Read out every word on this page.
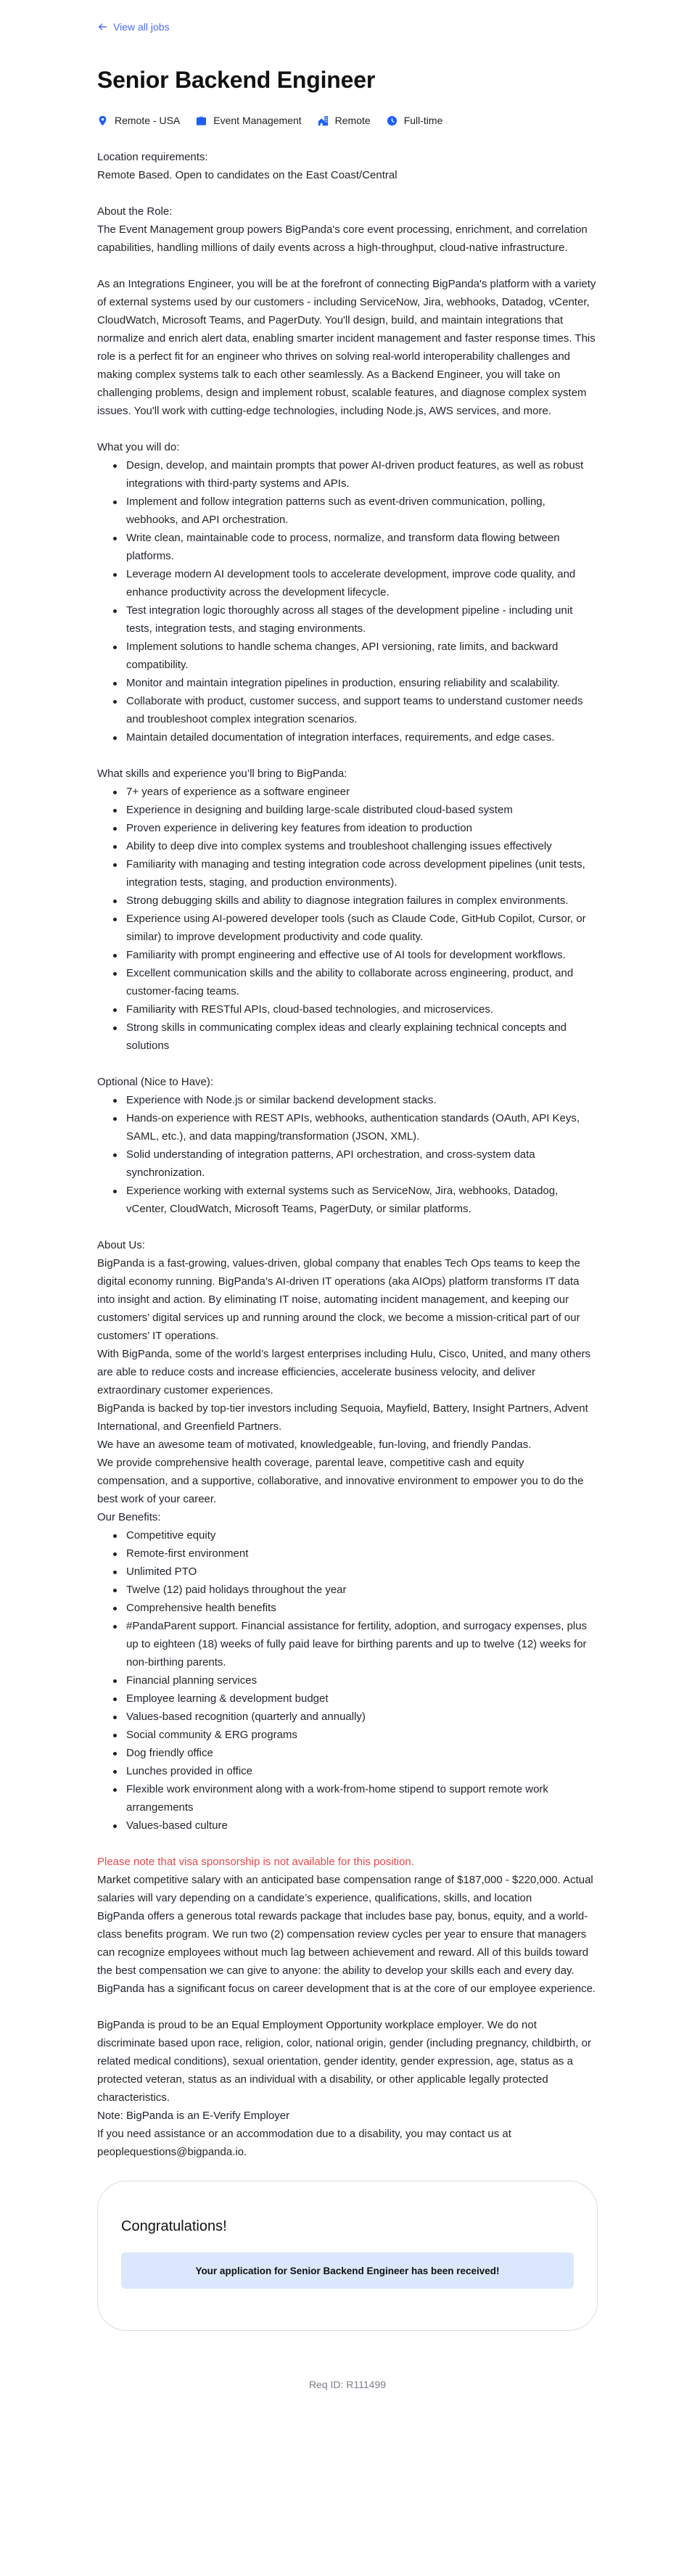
View all jobs
Senior Backend Engineer
Remote - USA	Event Management	Remote	Full-time

Location requirements:

Remote Based. Open to candidates on the East Coast/Central

About the Role:

The Event Management group powers BigPanda's core event processing, enrichment, and correlation capabilities, handling millions of daily events across a high-throughput, cloud-native infrastructure.

As an Integrations Engineer, you will be at the forefront of connecting BigPanda's platform with a variety of external systems used by our customers - including ServiceNow, Jira, webhooks, Datadog, vCenter, CloudWatch, Microsoft Teams, and PagerDuty. You'll design, build, and maintain integrations that normalize and enrich alert data, enabling smarter incident management and faster response times. This role is a perfect fit for an engineer who thrives on solving real-world interoperability challenges and making complex systems talk to each other seamlessly. As a Backend Engineer, you will take on challenging problems, design and implement robust, scalable features, and diagnose complex system issues. You'll work with cutting-edge technologies, including Node.js, AWS services, and more.

What you will do:

Design, develop, and maintain prompts that power AI-driven product features, as well as robust integrations with third-party systems and APIs.
Implement and follow integration patterns such as event-driven communication, polling, webhooks, and API orchestration.
Write clean, maintainable code to process, normalize, and transform data flowing between platforms.
Leverage modern AI development tools to accelerate development, improve code quality, and enhance productivity across the development lifecycle.
Test integration logic thoroughly across all stages of the development pipeline - including unit tests, integration tests, and staging environments.
Implement solutions to handle schema changes, API versioning, rate limits, and backward compatibility.
Monitor and maintain integration pipelines in production, ensuring reliability and scalability.
Collaborate with product, customer success, and support teams to understand customer needs and troubleshoot complex integration scenarios.
Maintain detailed documentation of integration interfaces, requirements, and edge cases.

What skills and experience you’ll bring to BigPanda:

7+ years of experience as a software engineer
Experience in designing and building large-scale distributed cloud-based system
Proven experience in delivering key features from ideation to production
Ability to deep dive into complex systems and troubleshoot challenging issues effectively
Familiarity with managing and testing integration code across development pipelines (unit tests, integration tests, staging, and production environments).
Strong debugging skills and ability to diagnose integration failures in complex environments.
Experience using AI-powered developer tools (such as Claude Code, GitHub Copilot, Cursor, or similar) to improve development productivity and code quality.
Familiarity with prompt engineering and effective use of AI tools for development workflows.
Excellent communication skills and the ability to collaborate across engineering, product, and customer-facing teams.
Familiarity with RESTful APIs, cloud-based technologies, and microservices.
Strong skills in communicating complex ideas and clearly explaining technical concepts and solutions

Optional (Nice to Have):

Experience with Node.js or similar backend development stacks.
Hands-on experience with REST APIs, webhooks, authentication standards (OAuth, API Keys, SAML, etc.), and data mapping/transformation (JSON, XML).
Solid understanding of integration patterns, API orchestration, and cross-system data synchronization.
Experience working with external systems such as ServiceNow, Jira, webhooks, Datadog, vCenter, CloudWatch, Microsoft Teams, PagerDuty, or similar platforms.

About Us:

BigPanda is a fast-growing, values-driven, global company that enables Tech Ops teams to keep the digital economy running. BigPanda’s AI-driven IT operations (aka AIOps) platform transforms IT data into insight and action. By eliminating IT noise, automating incident management, and keeping our customers’ digital services up and running around the clock, we become a mission-critical part of our customers’ IT operations.

With BigPanda, some of the world’s largest enterprises including Hulu, Cisco, United, and many others are able to reduce costs and increase efficiencies, accelerate business velocity, and deliver extraordinary customer experiences.

BigPanda is backed by top-tier investors including Sequoia, Mayfield, Battery, Insight Partners, Advent International, and Greenfield Partners.

We have an awesome team of motivated, knowledgeable, fun-loving, and friendly Pandas.

We provide comprehensive health coverage, parental leave, competitive cash and equity compensation, and a supportive, collaborative, and innovative environment to empower you to do the best work of your career.

Our Benefits:

Competitive equity
Remote-first environment
Unlimited PTO
Twelve (12) paid holidays throughout the year
Comprehensive health benefits
#PandaParent support. Financial assistance for fertility, adoption, and surrogacy expenses, plus up to eighteen (18) weeks of fully paid leave for birthing parents and up to twelve (12) weeks for non-birthing parents.
Financial planning services
Employee learning & development budget
Values-based recognition (quarterly and annually)
Social community & ERG programs
Dog friendly office
Lunches provided in office
Flexible work environment along with a work-from-home stipend to support remote work arrangements
Values-based culture

Please note that visa sponsorship is not available for this position.

Market competitive salary with an anticipated base compensation range of $187,000 - $220,000. Actual salaries will vary depending on a candidate’s experience, qualifications, skills, and location

BigPanda offers a generous total rewards package that includes base pay, bonus, equity, and a world-class benefits program. We run two (2) compensation review cycles per year to ensure that managers can recognize employees without much lag between achievement and reward. All of this builds toward the best compensation we can give to anyone: the ability to develop your skills each and every day. BigPanda has a significant focus on career development that is at the core of our employee experience.

BigPanda is proud to be an Equal Employment Opportunity workplace employer. We do not discriminate based upon race, religion, color, national origin, gender (including pregnancy, childbirth, or related medical conditions), sexual orientation, gender identity, gender expression, age, status as a protected veteran, status as an individual with a disability, or other applicable legally protected characteristics.

Note: BigPanda is an E-Verify Employer

If you need assistance or an accommodation due to a disability, you may contact us at peoplequestions@bigpanda.io.

Congratulations!
Your application for Senior Backend Engineer has been received!
Req ID: R111499
